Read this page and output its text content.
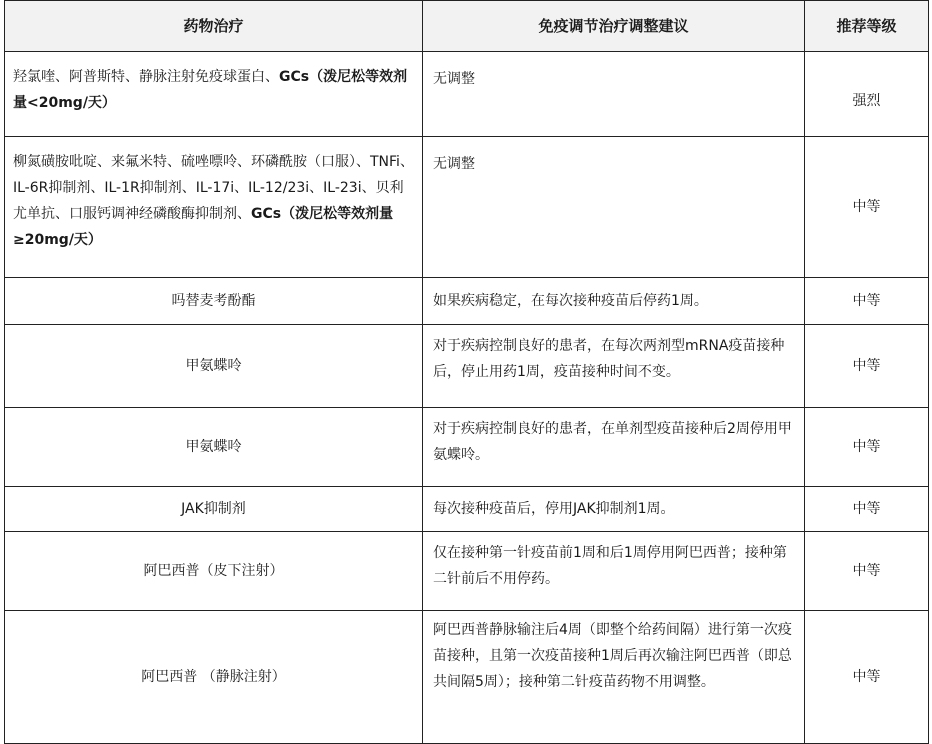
药物治疗	免疫调节治疗调整建议	推荐等级
羟氯喹、阿普斯特、静脉注射免疫球蛋白、GCs（泼尼松等效剂量<20mg/天）	无调整	强烈
柳氮磺胺吡啶、来氟米特、硫唑嘌呤、环磷酰胺（口服）、TNFi、IL-6R抑制剂、IL-1R抑制剂、IL-17i、IL-12/23i、IL-23i、贝利尤单抗、口服钙调神经磷酸酶抑制剂、GCs（泼尼松等效剂量≥20mg/天）	无调整	中等
吗替麦考酚酯	如果疾病稳定，在每次接种疫苗后停药1周。	中等
甲氨蝶呤	对于疾病控制良好的患者，在每次两剂型mRNA疫苗接种后，停止用药1周，疫苗接种时间不变。	中等
甲氨蝶呤	对于疾病控制良好的患者，在单剂型疫苗接种后2周停用甲氨蝶呤。	中等
JAK抑制剂	每次接种疫苗后，停用JAK抑制剂1周。	中等
阿巴西普（皮下注射）	仅在接种第一针疫苗前1周和后1周停用阿巴西普；接种第二针前后不用停药。	中等
阿巴西普 （静脉注射）	阿巴西普静脉输注后4周（即整个给药间隔）进行第一次疫苗接种，且第一次疫苗接种1周后再次输注阿巴西普（即总共间隔5周）；接种第二针疫苗药物不用调整。	中等
